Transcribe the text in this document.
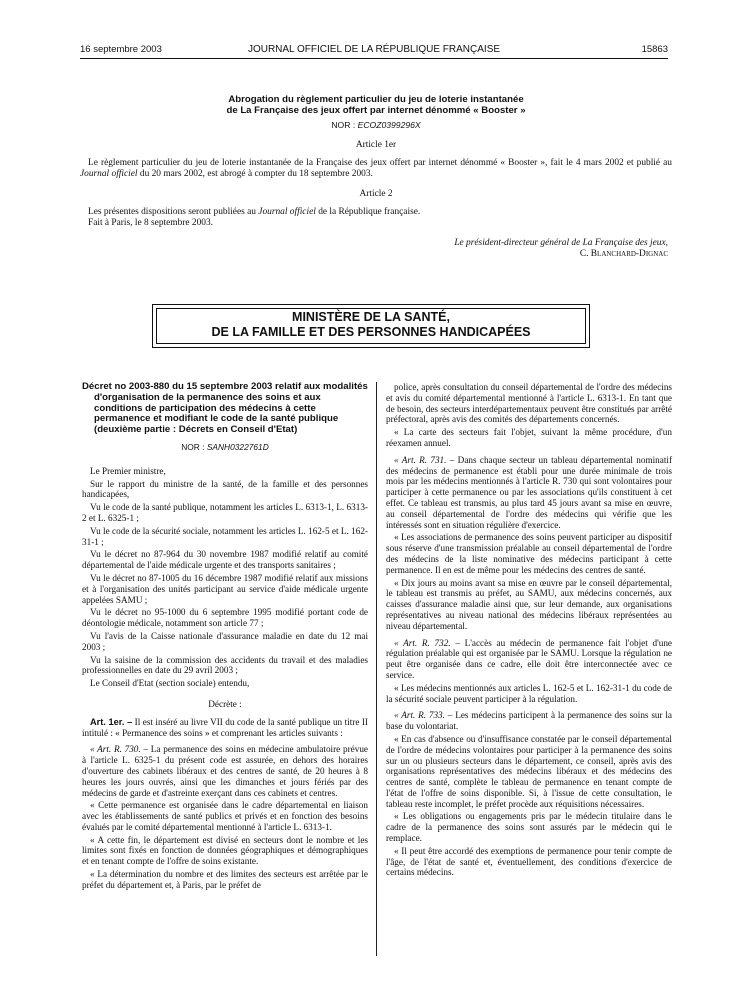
16 septembre 2003	JOURNAL OFFICIEL DE LA RÉPUBLIQUE FRANÇAISE	15863
Abrogation du règlement particulier du jeu de loterie instantanée
de La Française des jeux offert par internet dénommé « Booster »
NOR : ECOZ0399296X
Article 1er

Le règlement particulier du jeu de loterie instantanée de la Française des jeux offert par internet dénommé « Booster », fait le 4 mars 2002 et publié au Journal officiel du 20 mars 2002, est abrogé à compter du 18 septembre 2003.

Article 2

Les présentes dispositions seront publiées au Journal officiel de la République française.

Fait à Paris, le 8 septembre 2003.

Le président-directeur général de La Française des jeux,
C. Blanchard-Dignac
MINISTÈRE DE LA SANTÉ,
DE LA FAMILLE ET DES PERSONNES HANDICAPÉES
Décret no 2003-880 du 15 septembre 2003 relatif aux modalités d'organisation de la permanence des soins et aux conditions de participation des médecins à cette permanence et modifiant le code de la santé publique (deuxième partie : Décrets en Conseil d'Etat)
NOR : SANH0322761D

Le Premier ministre,

Sur le rapport du ministre de la santé, de la famille et des personnes handicapées,

Vu le code de la santé publique, notamment les articles L. 6313-1, L. 6313-2 et L. 6325-1 ;

Vu le code de la sécurité sociale, notamment les articles L. 162-5 et L. 162-31-1 ;

Vu le décret no 87-964 du 30 novembre 1987 modifié relatif au comité départemental de l'aide médicale urgente et des transports sanitaires ;

Vu le décret no 87-1005 du 16 décembre 1987 modifié relatif aux missions et à l'organisation des unités participant au service d'aide médicale urgente appelées SAMU ;

Vu le décret no 95-1000 du 6 septembre 1995 modifié portant code de déontologie médicale, notamment son article 77 ;

Vu l'avis de la Caisse nationale d'assurance maladie en date du 12 mai 2003 ;

Vu la saisine de la commission des accidents du travail et des maladies professionnelles en date du 29 avril 2003 ;

Le Conseil d'Etat (section sociale) entendu,

Décrète :

Art. 1er. – Il est inséré au livre VII du code de la santé publique un titre II intitulé : « Permanence des soins » et comprenant les articles suivants :

« Art. R. 730. – La permanence des soins en médecine ambulatoire prévue à l'article L. 6325-1 du présent code est assurée, en dehors des horaires d'ouverture des cabinets libéraux et des centres de santé, de 20 heures à 8 heures les jours ouvrés, ainsi que les dimanches et jours fériés par des médecins de garde et d'astreinte exerçant dans ces cabinets et centres.

« Cette permanence est organisée dans le cadre départemental en liaison avec les établissements de santé publics et privés et en fonction des besoins évalués par le comité départemental mentionné à l'article L. 6313-1.

« A cette fin, le département est divisé en secteurs dont le nombre et les limites sont fixés en fonction de données géographiques et démographiques et en tenant compte de l'offre de soins existante.

« La détermination du nombre et des limites des secteurs est arrêtée par le préfet du département et, à Paris, par le préfet de

police, après consultation du conseil départemental de l'ordre des médecins et avis du comité départemental mentionné à l'article L. 6313-1. En tant que de besoin, des secteurs interdépartementaux peuvent être constitués par arrêté préfectoral, après avis des comités des départements concernés.

« La carte des secteurs fait l'objet, suivant la même procédure, d'un réexamen annuel.

« Art. R. 731. – Dans chaque secteur un tableau départemental nominatif des médecins de permanence est établi pour une durée minimale de trois mois par les médecins mentionnés à l'article R. 730 qui sont volontaires pour participer à cette permanence ou par les associations qu'ils constituent à cet effet. Ce tableau est transmis, au plus tard 45 jours avant sa mise en œuvre, au conseil départemental de l'ordre des médecins qui vérifie que les intéressés sont en situation régulière d'exercice.

« Les associations de permanence des soins peuvent participer au dispositif sous réserve d'une transmission préalable au conseil départemental de l'ordre des médecins de la liste nominative des médecins participant à cette permanence. Il en est de même pour les médecins des centres de santé.

« Dix jours au moins avant sa mise en œuvre par le conseil départemental, le tableau est transmis au préfet, au SAMU, aux médecins concernés, aux caisses d'assurance maladie ainsi que, sur leur demande, aux organisations représentatives au niveau national des médecins libéraux représentées au niveau départemental.

« Art. R. 732. – L'accès au médecin de permanence fait l'objet d'une régulation préalable qui est organisée par le SAMU. Lorsque la régulation ne peut être organisée dans ce cadre, elle doit être interconnectée avec ce service.

« Les médecins mentionnés aux articles L. 162-5 et L. 162-31-1 du code de la sécurité sociale peuvent participer à la régulation.

« Art. R. 733. – Les médecins participent à la permanence des soins sur la base du volontariat.

« En cas d'absence ou d'insuffisance constatée par le conseil départemental de l'ordre de médecins volontaires pour participer à la permanence des soins sur un ou plusieurs secteurs dans le département, ce conseil, après avis des organisations représentatives des médecins libéraux et des médecins des centres de santé, complète le tableau de permanence en tenant compte de l'état de l'offre de soins disponible. Si, à l'issue de cette consultation, le tableau reste incomplet, le préfet procède aux réquisitions nécessaires.

« Les obligations ou engagements pris par le médecin titulaire dans le cadre de la permanence des soins sont assurés par le médecin qui le remplace.

« Il peut être accordé des exemptions de permanence pour tenir compte de l'âge, de l'état de santé et, éventuellement, des conditions d'exercice de certains médecins.
